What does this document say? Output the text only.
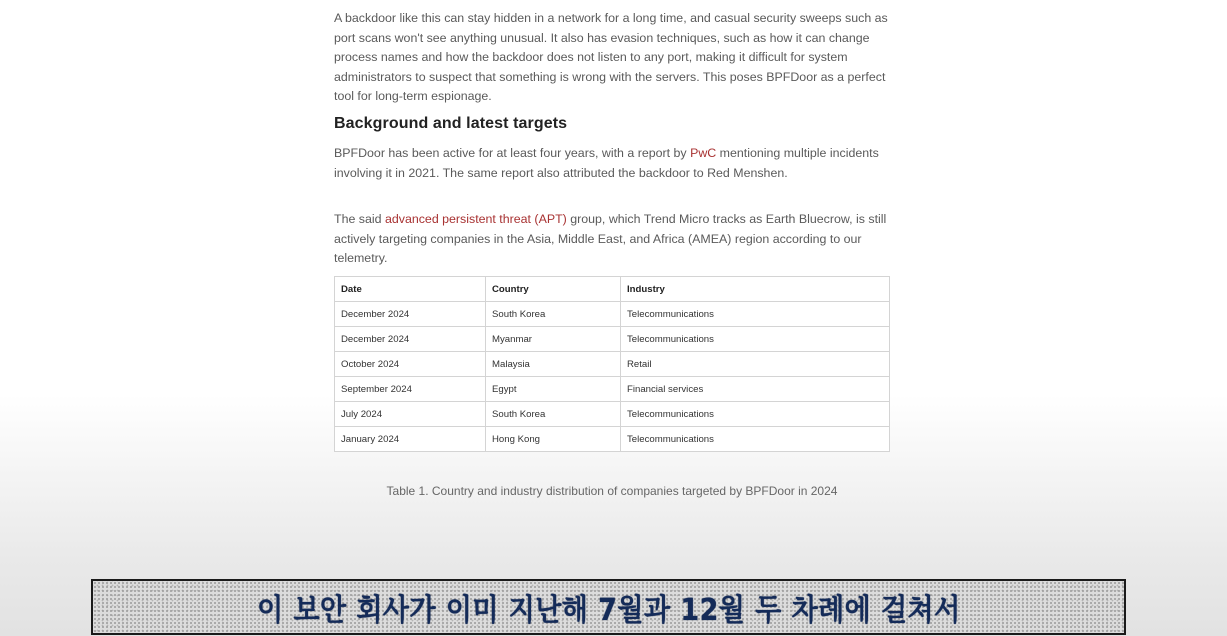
A backdoor like this can stay hidden in a network for a long time, and casual security sweeps such as port scans won't see anything unusual. It also has evasion techniques, such as how it can change process names and how the backdoor does not listen to any port, making it difficult for system administrators to suspect that something is wrong with the servers. This poses BPFDoor as a perfect tool for long-term espionage.

Background and latest targets

BPFDoor has been active for at least four years, with a report by PwC mentioning multiple incidents involving it in 2021. The same report also attributed the backdoor to Red Menshen.

The said advanced persistent threat (APT) group, which Trend Micro tracks as Earth Bluecrow, is still actively targeting companies in the Asia, Middle East, and Africa (AMEA) region according to our telemetry.

Date	Country	Industry
December 2024	South Korea	Telecommunications
December 2024	Myanmar	Telecommunications
October 2024	Malaysia	Retail
September 2024	Egypt	Financial services
July 2024	South Korea	Telecommunications
January 2024	Hong Kong	Telecommunications
Table 1. Country and industry distribution of companies targeted by BPFDoor in 2024
이 보안 회사가 이미 지난해 7월과 12월 두 차례에 걸쳐서
